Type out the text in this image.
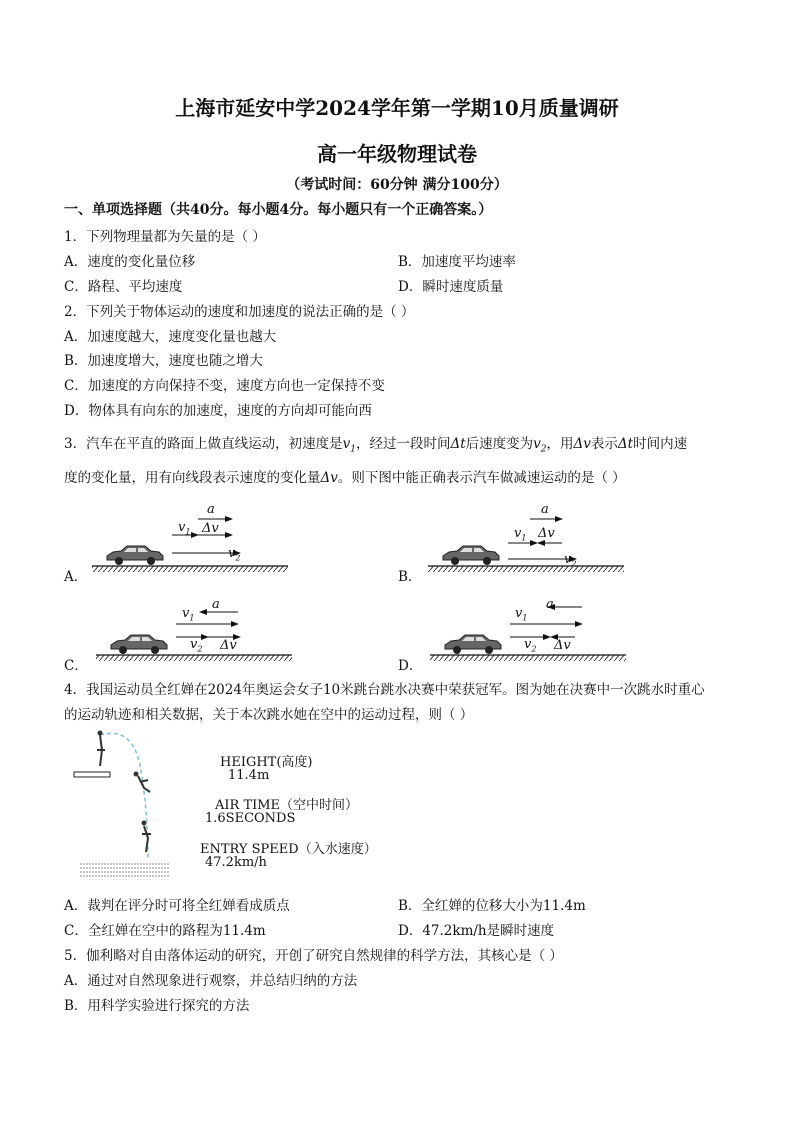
上海市延安中学2024学年第一学期10月质量调研
高一年级物理试卷
（考试时间：60分钟 满分100分）
一、单项选择题（共40分。每小题4分。每小题只有一个正确答案。）
1．下列物理量都为矢量的是（ ）
A．速度的变化量位移	B．加速度平均速率
C．路程、平均速度	D．瞬时速度质量
2．下列关于物体运动的速度和加速度的说法正确的是（ ）
A．加速度越大，速度变化量也越大
B．加速度增大，速度也随之增大
C．加速度的方向保持不变，速度方向也一定保持不变
D．物体具有向东的加速度，速度的方向却可能向西
3．汽车在平直的路面上做直线运动，初速度是$v_1$，经过一段时间Δt后速度变为$v_2$，用Δv表示Δt时间内速
度的变化量，用有向线段表示速度的变化量Δv。则下图中能正确表示汽车做减速运动的是（ ）
A．	B．
C．	D．
a
$v_1$ Δv
$v_2$
a
$v_1$ Δv
$v_2$
a
$v_1$
$v_2$ Δv
a
$v_1$
$v_2$ Δv
4．我国运动员全红婵在2024年奥运会女子10米跳台跳水决赛中荣获冠军。图为她在决赛中一次跳水时重心
的运动轨迹和相关数据，关于本次跳水她在空中的运动过程，则（ ）
HEIGHT(高度)
11.4m
AIR TIME（空中时间）
1.6SECONDS
ENTRY SPEED（入水速度）
47.2km/h
A．裁判在评分时可将全红婵看成质点	B．全红婵的位移大小为11.4m
C．全红婵在空中的路程为11.4m	D．47.2km/h是瞬时速度
5．伽利略对自由落体运动的研究，开创了研究自然规律的科学方法，其核心是（ ）
A．通过对自然现象进行观察，并总结归纳的方法
B．用科学实验进行探究的方法
